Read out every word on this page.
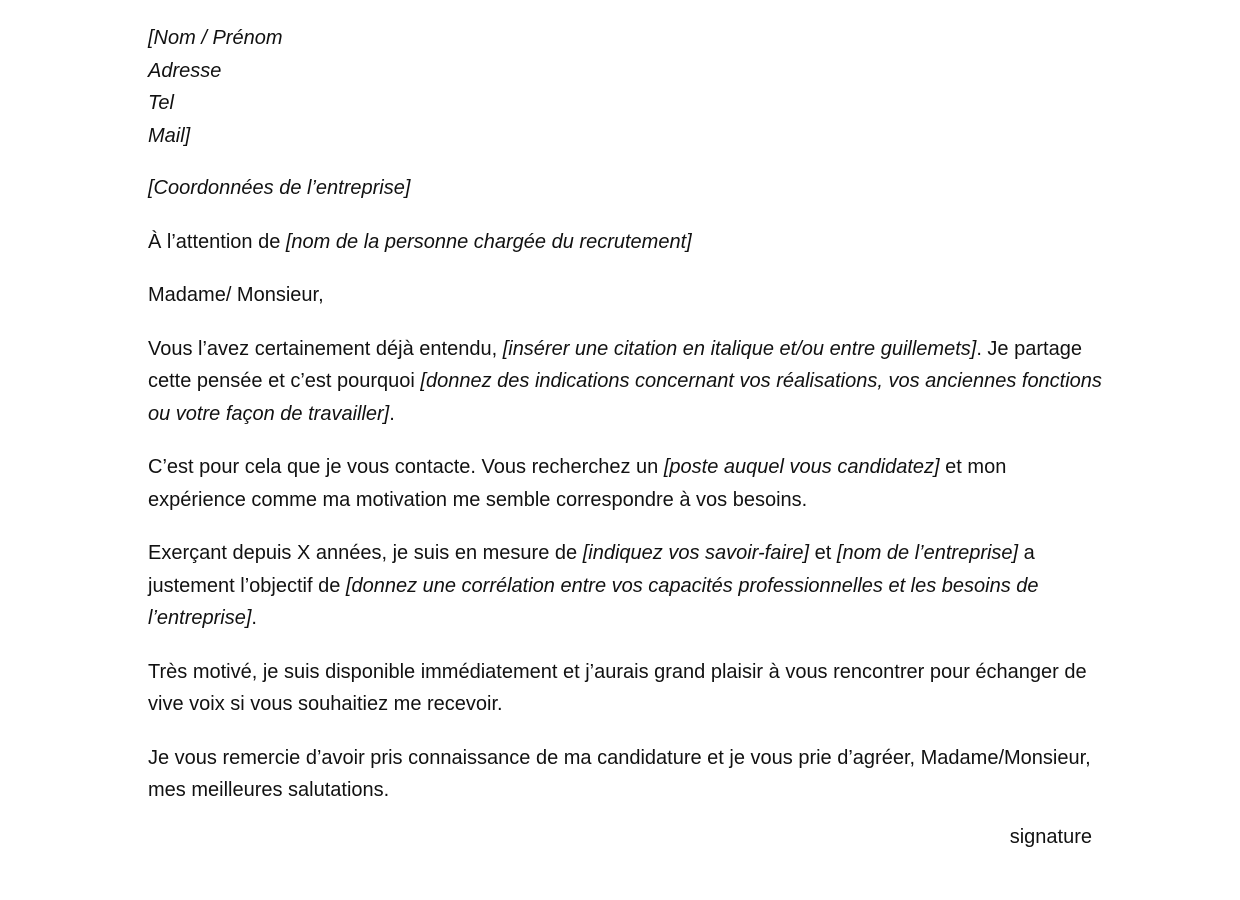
[Nom / Prénom

Adresse

Tel

Mail]

[Coordonnées de l’entreprise]

À l’attention de [nom de la personne chargée du recrutement]

Madame/ Monsieur,

Vous l’avez certainement déjà entendu, [insérer une citation en italique et/ou entre guillemets]. Je partage cette pensée et c’est pourquoi [donnez des indications concernant vos réalisations, vos anciennes fonctions ou votre façon de travailler].

C’est pour cela que je vous contacte. Vous recherchez un [poste auquel vous candidatez] et mon expérience comme ma motivation me semble correspondre à vos besoins.

Exerçant depuis X années, je suis en mesure de [indiquez vos savoir-faire] et [nom de l’entreprise] a justement l’objectif de [donnez une corrélation entre vos capacités professionnelles et les besoins de l’entreprise].

Très motivé, je suis disponible immédiatement et j’aurais grand plaisir à vous rencontrer pour échanger de vive voix si vous souhaitiez me recevoir.

Je vous remercie d’avoir pris connaissance de ma candidature et je vous prie d’agréer, Madame/Monsieur, mes meilleures salutations.

signature
